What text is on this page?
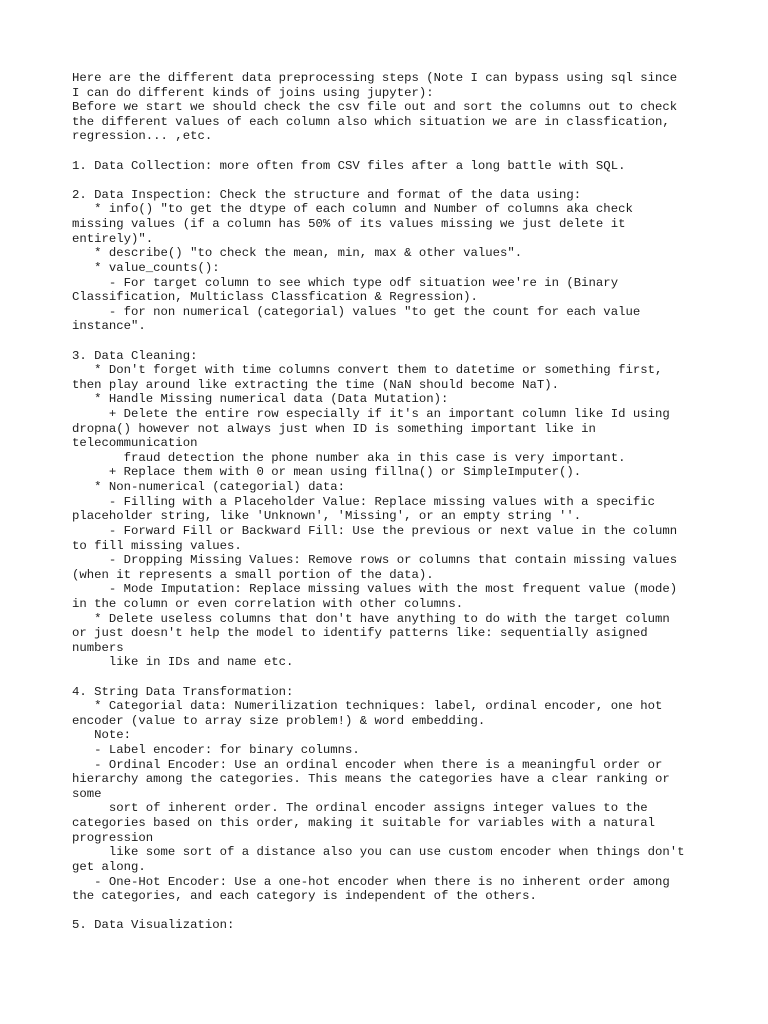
Here are the different data preprocessing steps (Note I can bypass using sql since
I can do different kinds of joins using jupyter):
Before we start we should check the csv file out and sort the columns out to check
the different values of each column also which situation we are in classfication,
regression... ,etc.
1. Data Collection: more often from CSV files after a long battle with SQL.
2. Data Inspection: Check the structure and format of the data using:
* info() "to get the dtype of each column and Number of columns aka check
missing values (if a column has 50% of its values missing we just delete it
entirely)".
* describe() "to check the mean, min, max & other values".
* value_counts():
- For target column to see which type odf situation wee're in (Binary
Classification, Multiclass Classfication & Regression).
- for non numerical (categorial) values "to get the count for each value
instance".
3. Data Cleaning:
* Don't forget with time columns convert them to datetime or something first,
then play around like extracting the time (NaN should become NaT).
* Handle Missing numerical data (Data Mutation):
+ Delete the entire row especially if it's an important column like Id using
dropna() however not always just when ID is something important like in
telecommunication
fraud detection the phone number aka in this case is very important.
+ Replace them with 0 or mean using fillna() or SimpleImputer().
* Non-numerical (categorial) data:
- Filling with a Placeholder Value: Replace missing values with a specific
placeholder string, like 'Unknown', 'Missing', or an empty string ''.
- Forward Fill or Backward Fill: Use the previous or next value in the column
to fill missing values.
- Dropping Missing Values: Remove rows or columns that contain missing values
(when it represents a small portion of the data).
- Mode Imputation: Replace missing values with the most frequent value (mode)
in the column or even correlation with other columns.
* Delete useless columns that don't have anything to do with the target column
or just doesn't help the model to identify patterns like: sequentially asigned
numbers
like in IDs and name etc.
4. String Data Transformation:
* Categorial data: Numerilization techniques: label, ordinal encoder, one hot
encoder (value to array size problem!) & word embedding.
Note:
- Label encoder: for binary columns.
- Ordinal Encoder: Use an ordinal encoder when there is a meaningful order or
hierarchy among the categories. This means the categories have a clear ranking or
some
sort of inherent order. The ordinal encoder assigns integer values to the
categories based on this order, making it suitable for variables with a natural
progression
like some sort of a distance also you can use custom encoder when things don't
get along.
- One-Hot Encoder: Use a one-hot encoder when there is no inherent order among
the categories, and each category is independent of the others.
5. Data Visualization:
